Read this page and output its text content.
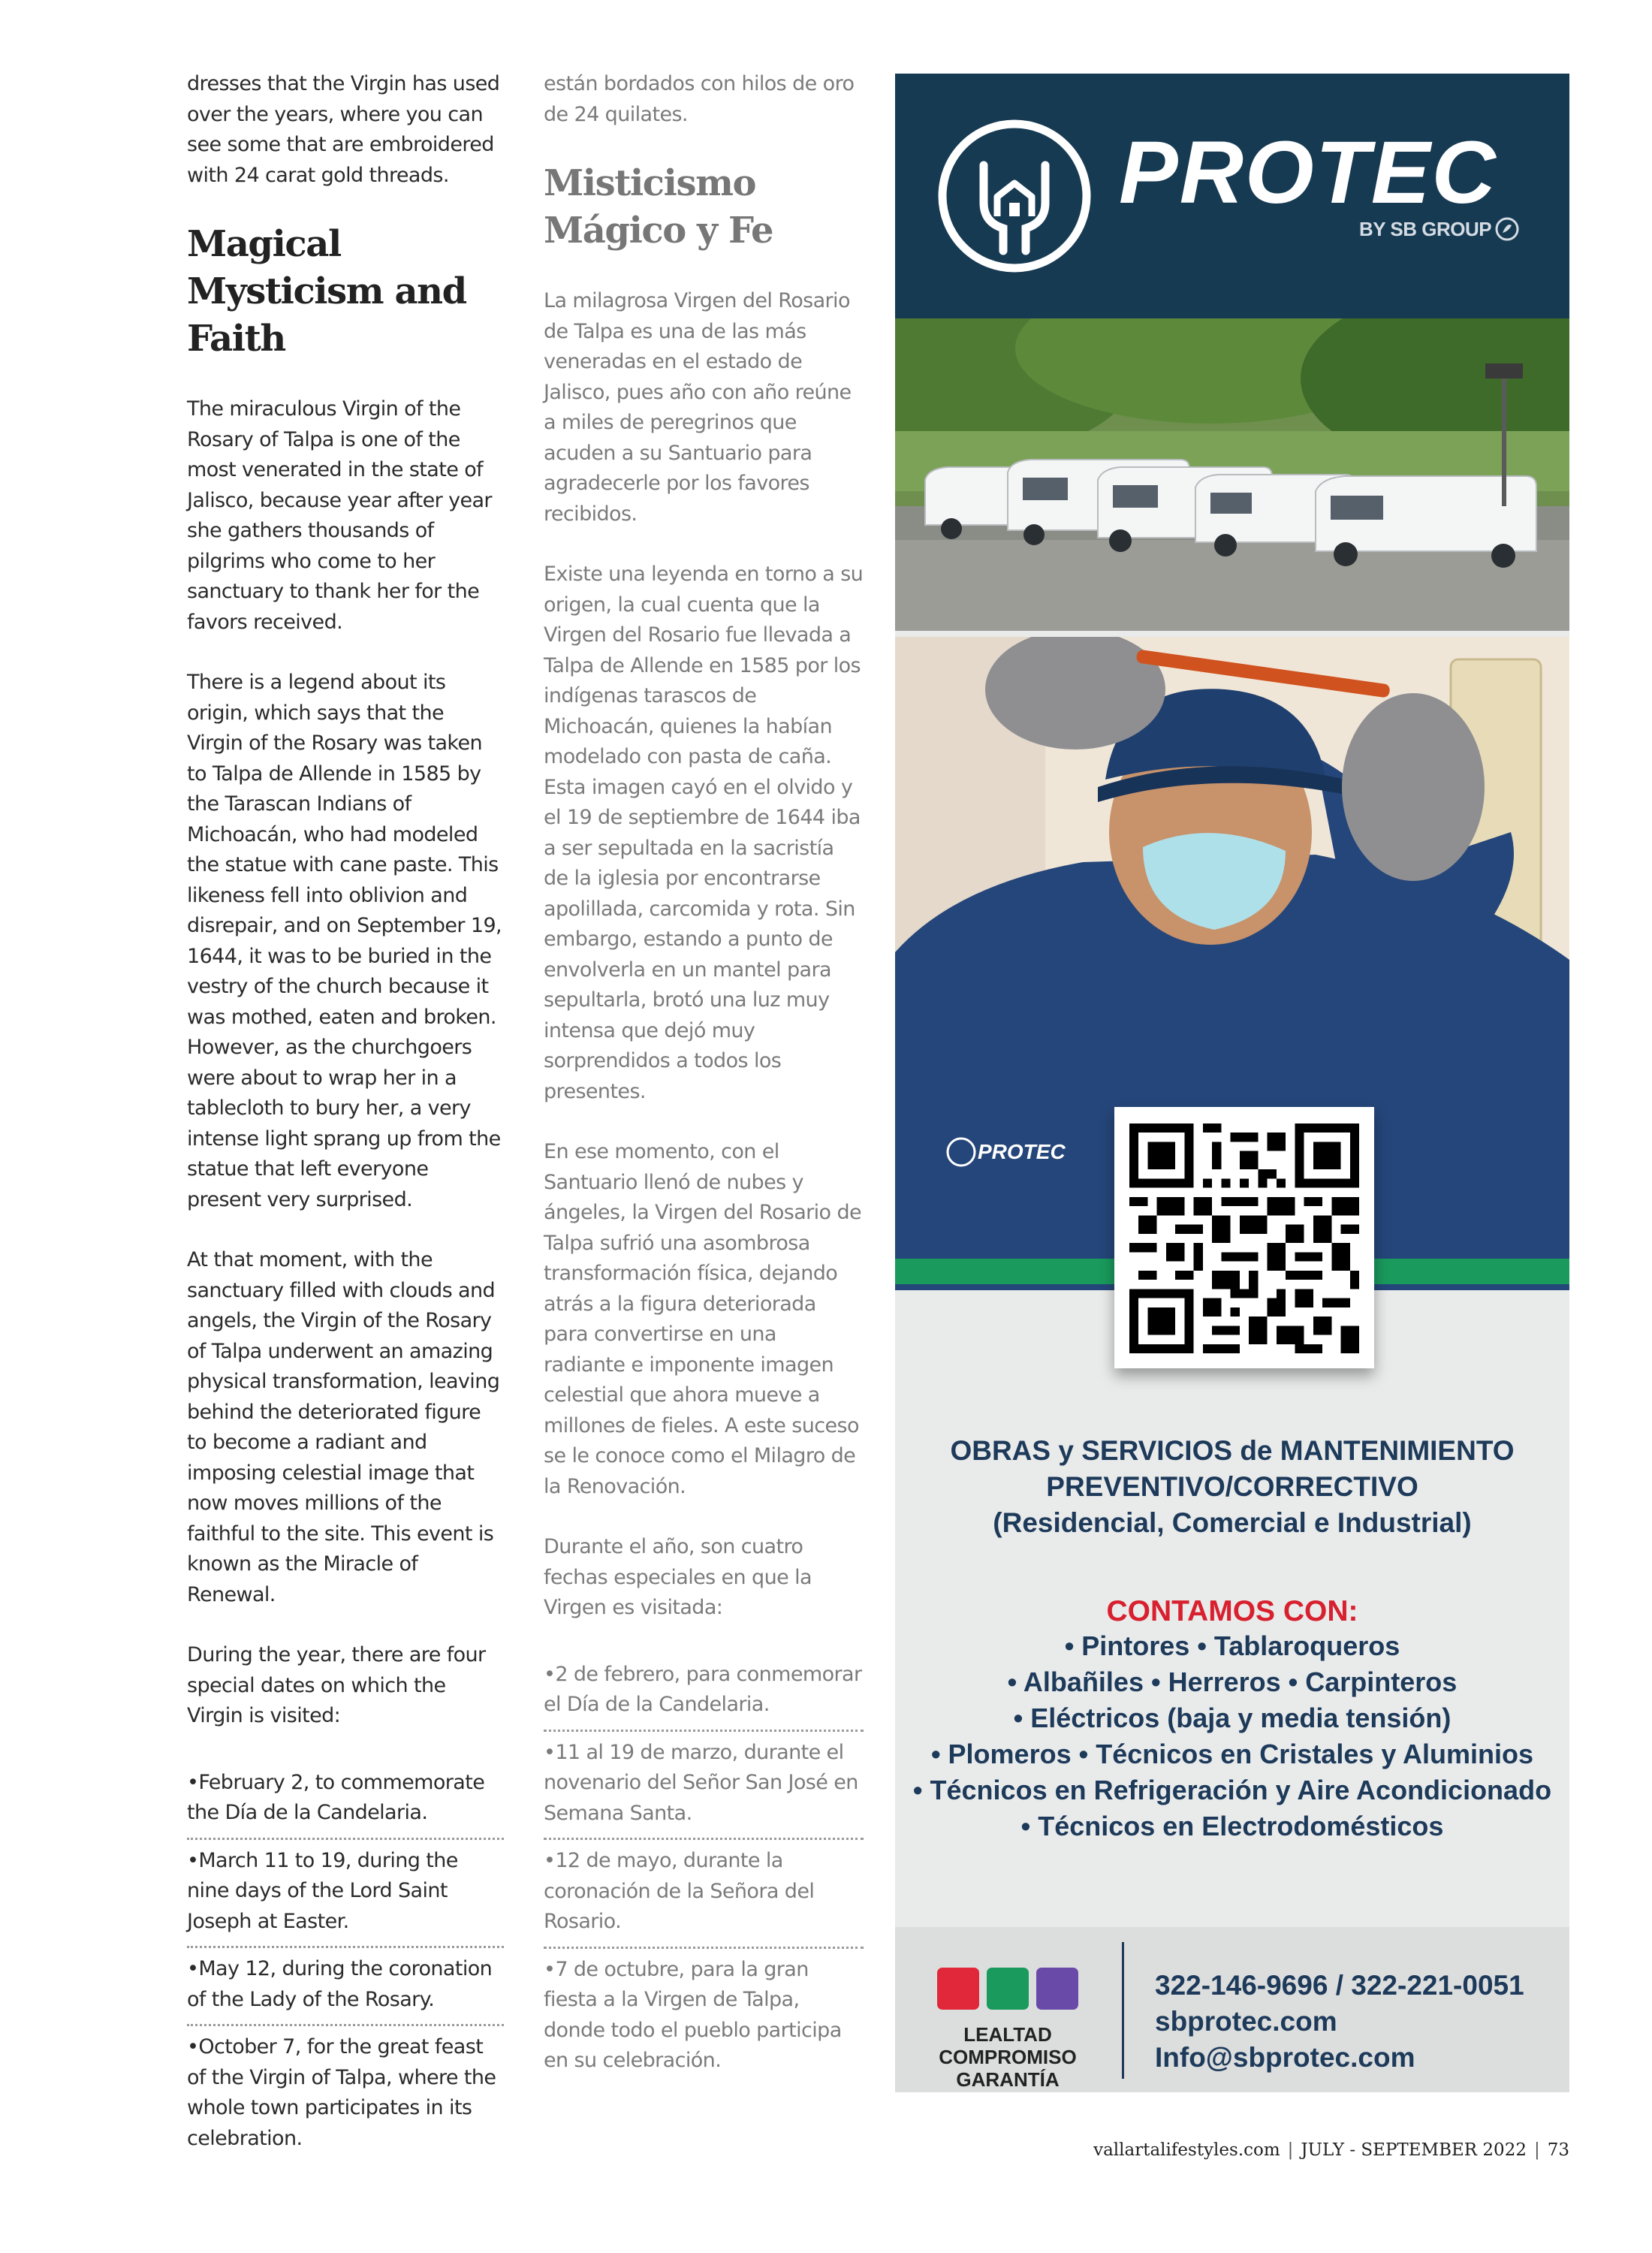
dresses that the Virgin has used over the years, where you can see some that are embroidered with 24 carat gold threads.

Magical Mysticism and Faith

The miraculous Virgin of the Rosary of Talpa is one of the most venerated in the state of Jalisco, because year after year she gathers thousands of pilgrims who come to her sanctuary to thank her for the favors received.

There is a legend about its origin, which says that the Virgin of the Rosary was taken to Talpa de Allende in 1585 by the Tarascan Indians of Michoacán, who had modeled the statue with cane paste. This likeness fell into oblivion and disrepair, and on September 19, 1644, it was to be buried in the vestry of the church because it was mothed, eaten and broken. However, as the churchgoers were about to wrap her in a tablecloth to bury her, a very intense light sprang up from the statue that left everyone present very surprised.

At that moment, with the sanctuary filled with clouds and angels, the Virgin of the Rosary of Talpa underwent an amazing physical transformation, leaving behind the deteriorated figure to become a radiant and imposing celestial image that now moves millions of the faithful to the site. This event is known as the Miracle of Renewal.

During the year, there are four special dates on which the Virgin is visited:

•February 2, to commemorate the Día de la Candelaria.
•March 11 to 19, during the nine days of the Lord Saint Joseph at Easter.
•May 12, during the coronation of the Lady of the Rosary.
•October 7, for the great feast of the Virgin of Talpa, where the whole town participates in its celebration.

están bordados con hilos de oro de 24 quilates.

Misticismo Mágico y Fe

La milagrosa Virgen del Rosario de Talpa es una de las más veneradas en el estado de Jalisco, pues año con año reúne a miles de peregrinos que acuden a su Santuario para agradecerle por los favores recibidos.

Existe una leyenda en torno a su origen, la cual cuenta que la Virgen del Rosario fue llevada a Talpa de Allende en 1585 por los indígenas tarascos de Michoacán, quienes la habían modelado con pasta de caña. Esta imagen cayó en el olvido y el 19 de septiembre de 1644 iba a ser sepultada en la sacristía de la iglesia por encontrarse apolillada, carcomida y rota. Sin embargo, estando a punto de envolverla en un mantel para sepultarla, brotó una luz muy intensa que dejó muy sorprendidos a todos los presentes.

En ese momento, con el Santuario llenó de nubes y ángeles, la Virgen del Rosario de Talpa sufrió una asombrosa transformación física, dejando atrás a la figura deteriorada para convertirse en una radiante e imponente imagen celestial que ahora mueve a millones de fieles. A este suceso se le conoce como el Milagro de la Renovación.

Durante el año, son cuatro fechas especiales en que la Virgen es visitada:

•2 de febrero, para conmemorar el Día de la Candelaria.
•11 al 19 de marzo, durante el novenario del Señor San José en Semana Santa.
•12 de mayo, durante la coronación de la Señora del Rosario.
•7 de octubre, para la gran fiesta a la Virgen de Talpa, donde todo el pueblo participa en su celebración.
PROTEC
BY SB GROUP
PROTEC
OBRAS y SERVICIOS de MANTENIMIENTO
PREVENTIVO/CORRECTIVO
(Residencial, Comercial e Industrial)
CONTAMOS CON:
• Pintores • Tablaroqueros
• Albañiles • Herreros • Carpinteros
• Eléctricos (baja y media tensión)
• Plomeros • Técnicos en Cristales y Aluminios
• Técnicos en Refrigeración y Aire Acondicionado
• Técnicos en Electrodomésticos
LEALTAD
COMPROMISO
GARANTÍA
322-146-9696 / 322-221-0051
sbprotec.com
Info@sbprotec.com
vallartalifestyles.com | JULY - SEPTEMBER 2022 | 73
